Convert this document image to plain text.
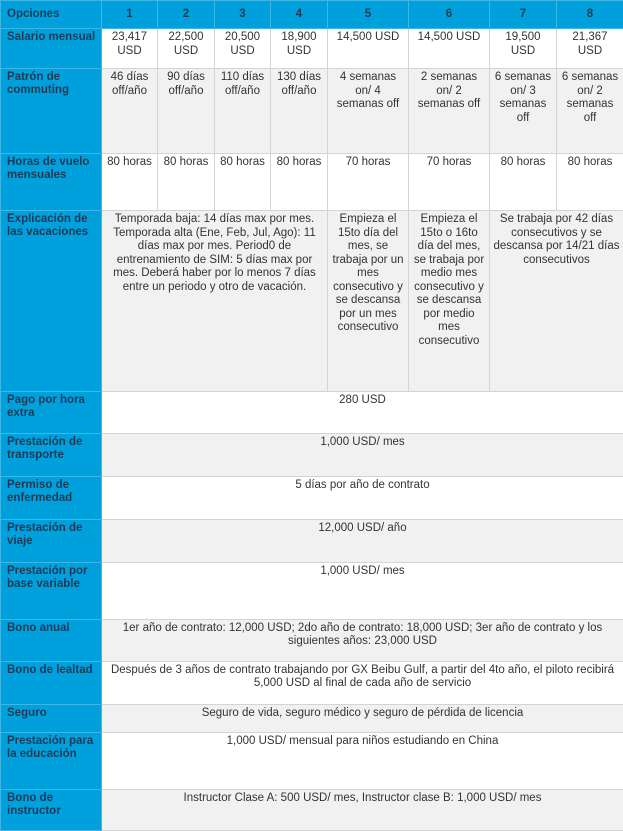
Opciones	1	2	3	4	5	6	7	8
Salario mensual	23,417 USD	22,500 USD	20,500 USD	18,900 USD	14,500 USD	14,500 USD	19,500 USD	21,367 USD
Patrón de commuting	46 días off/año	90 días off/año	110 días off/año	130 días off/año	4 semanas on/ 4 semanas off	2 semanas on/ 2 semanas off	6 semanas on/ 3 semanas off	6 semanas on/ 2 semanas off
Horas de vuelo mensuales	80 horas	80 horas	80 horas	80 horas	70 horas	70 horas	80 horas	80 horas
Explicación de las vacaciones	Temporada baja: 14 días max por mes. Temporada alta (Ene, Feb, Jul, Ago): 11 días max por mes. Period0 de entrenamiento de SIM: 5 días max por mes. Deberá haber por lo menos 7 días entre un periodo y otro de vacación.				Empieza el 15to día del mes, se trabaja por un mes consecutivo y se descansa por un mes consecutivo	Empieza el 15to o 16to día del mes, se trabaja por medio mes consecutivo y se descansa por medio mes consecutivo	Se trabaja por 42 días consecutivos y se descansa por 14/21 días consecutivos	
Pago por hora extra	280 USD							
Prestación de transporte	1,000 USD/ mes							
Permiso de enfermedad	5 días por año de contrato							
Prestación de viaje	12,000 USD/ año							
Prestación por base variable	1,000 USD/ mes							
Bono anual	1er año de contrato: 12,000 USD; 2do año de contrato: 18,000 USD; 3er año de contrato y los siguientes años: 23,000 USD							
Bono de lealtad	Después de 3 años de contrato trabajando por GX Beibu Gulf, a partir del 4to año, el piloto recibirá 5,000 USD al final de cada año de servicio							
Seguro	Seguro de vida, seguro médico y seguro de pérdida de licencia							
Prestación para la educación	1,000 USD/ mensual para niños estudiando en China							
Bono de instructor	Instructor Clase A: 500 USD/ mes, Instructor clase B: 1,000 USD/ mes							
